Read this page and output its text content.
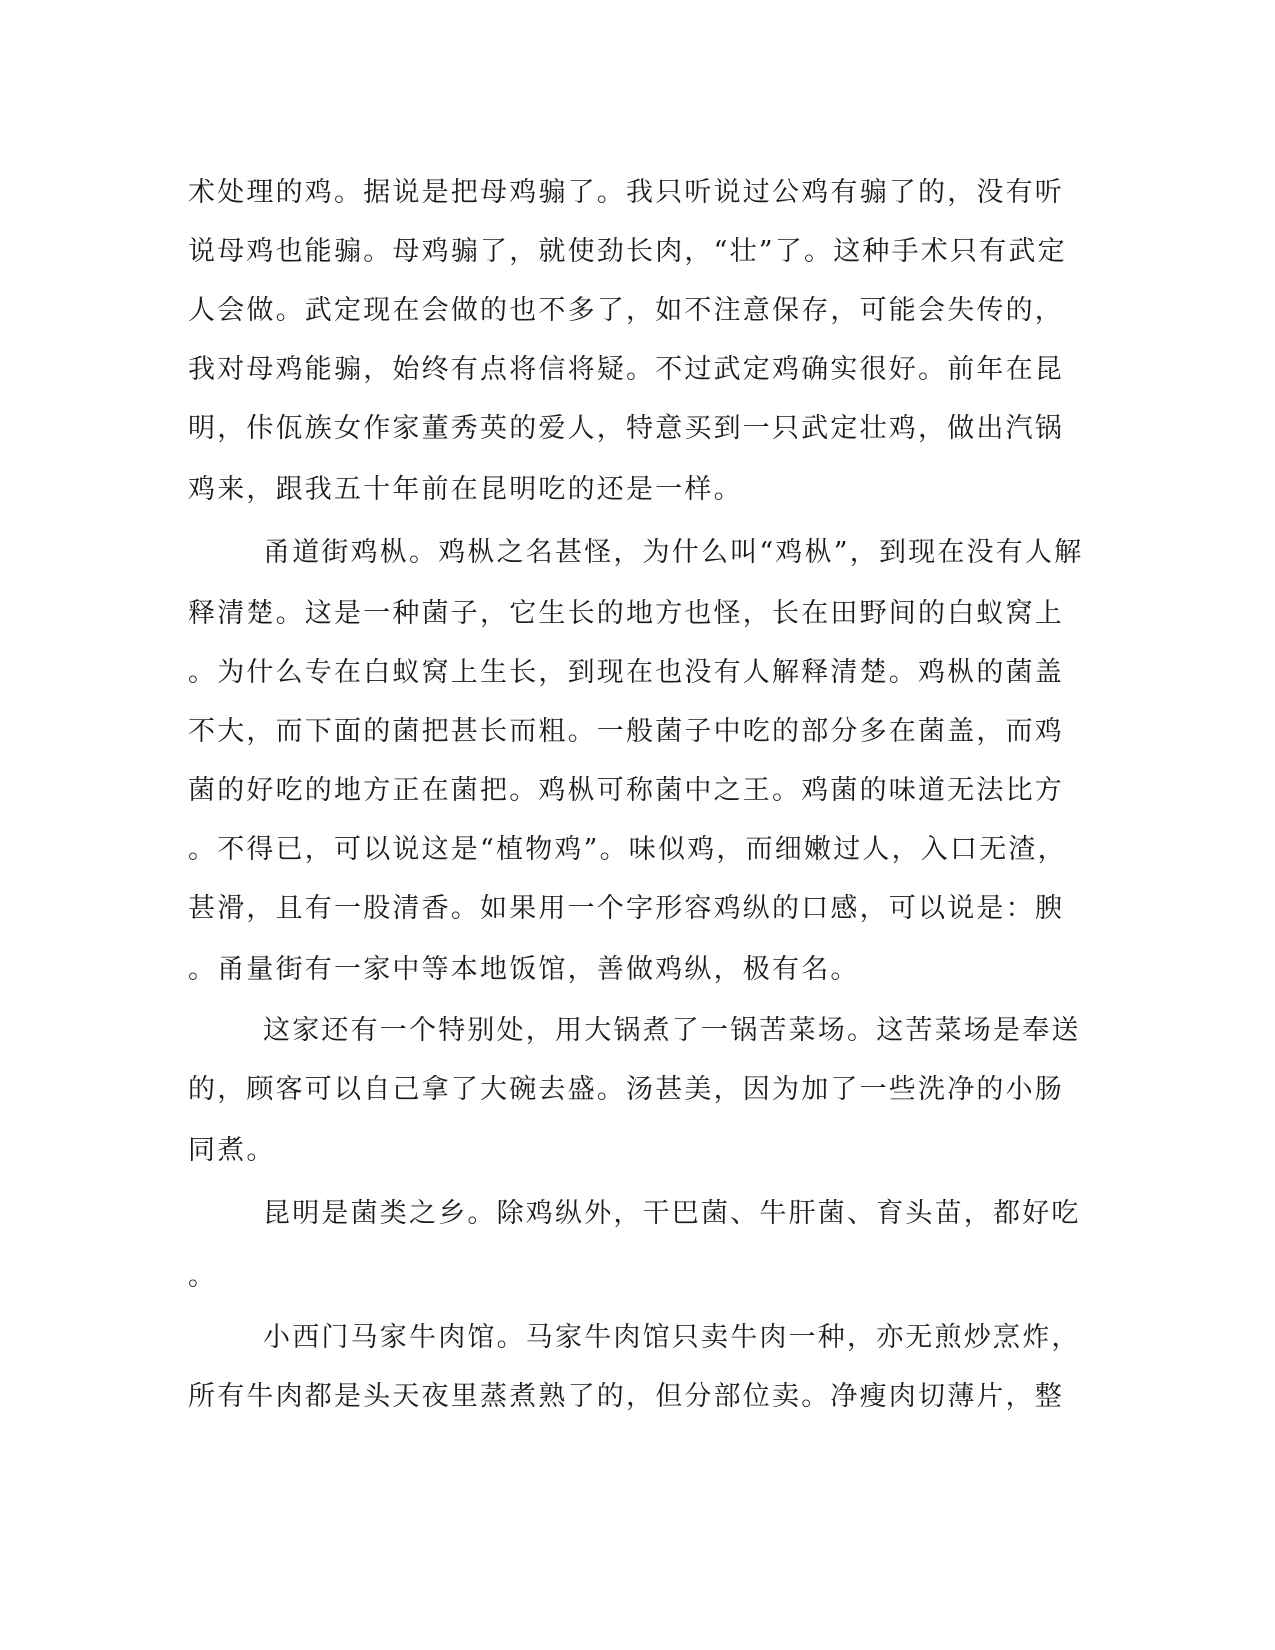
术处理的鸡。据说是把母鸡骟了。我只听说过公鸡有骟了的，没有听
说母鸡也能骟。母鸡骟了，就使劲长肉，“壮”了。这种手术只有武定
人会做。武定现在会做的也不多了，如不注意保存，可能会失传的，
我对母鸡能骟，始终有点将信将疑。不过武定鸡确实很好。前年在昆
明，佧佤族女作家董秀英的爱人，特意买到一只武定壮鸡，做出汽锅
鸡来，跟我五十年前在昆明吃的还是一样。
甬道街鸡枞。鸡枞之名甚怪，为什么叫“鸡枞”，到现在没有人解
释清楚。这是一种菌子，它生长的地方也怪，长在田野间的白蚁窝上
。为什么专在白蚁窝上生长，到现在也没有人解释清楚。鸡枞的菌盖
不大，而下面的菌把甚长而粗。一般菌子中吃的部分多在菌盖，而鸡
菌的好吃的地方正在菌把。鸡枞可称菌中之王。鸡菌的味道无法比方
。不得已，可以说这是“植物鸡”。味似鸡，而细嫩过人，入口无渣，
甚滑，且有一股清香。如果用一个字形容鸡纵的口感，可以说是：腴
。甬量街有一家中等本地饭馆，善做鸡纵，极有名。
这家还有一个特别处，用大锅煮了一锅苦菜场。这苦菜场是奉送
的，顾客可以自己拿了大碗去盛。汤甚美，因为加了一些洗净的小肠
同煮。
昆明是菌类之乡。除鸡纵外，干巴菌、牛肝菌、育头苗，都好吃
。
小西门马家牛肉馆。马家牛肉馆只卖牛肉一种，亦无煎炒烹炸，
所有牛肉都是头天夜里蒸煮熟了的，但分部位卖。净瘦肉切薄片，整
